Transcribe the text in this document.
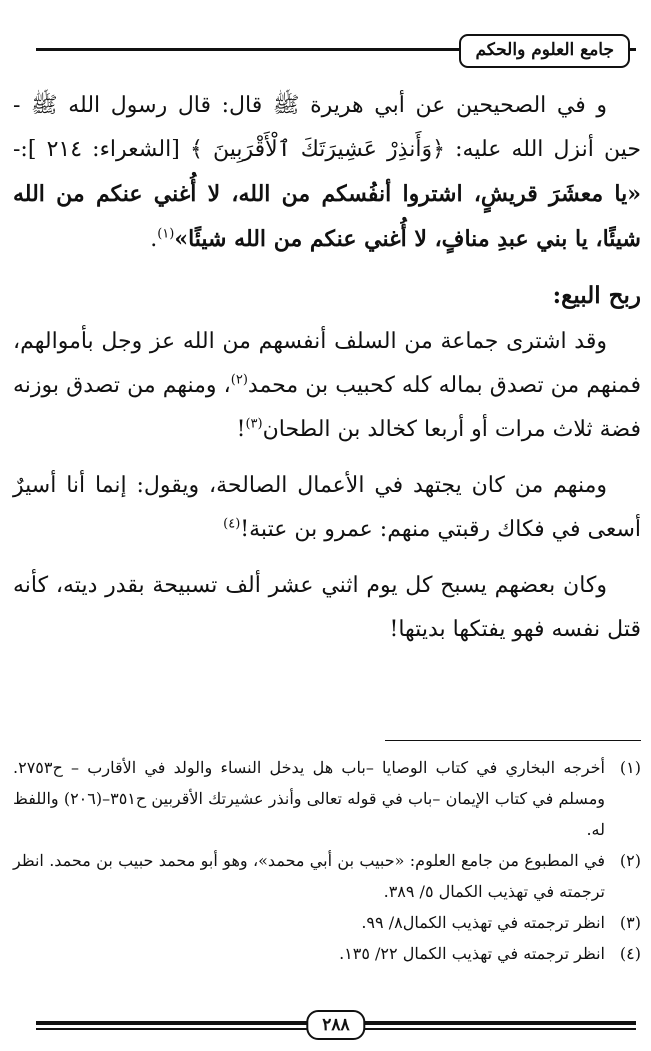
جامع العلوم والحكم

و في الصحيحين عن أبي هريرة ﷺ قال: قال رسول الله ﷺ - حين أنزل الله عليه: ﴿وَأَنذِرْ عَشِيرَتَكَ ٱلْأَقْرَبِينَ ﴾ [الشعراء: ٢١٤ ]:- «يا معشَرَ قريشٍ، اشتروا أنفُسكم من الله، لا أُغني عنكم من الله شيئًا، يا بني عبدِ منافٍ، لا أُغني عنكم من الله شيئًا»$^{(١)}$.

ربح البيع:

وقد اشترى جماعة من السلف أنفسهم من الله عز وجل بأموالهم، فمنهم من تصدق بماله كله كحبيب بن محمد$^{(٢)}$، ومنهم من تصدق بوزنه فضة ثلاث مرات أو أربعا كخالد بن الطحان$^{(٣)}$!

ومنهم من كان يجتهد في الأعمال الصالحة، ويقول: إنما أنا أسيرٌ أسعى في فكاك رقبتي منهم: عمرو بن عتبة!$^{(٤)}$

وكان بعضهم يسبح كل يوم اثني عشر ألف تسبيحة بقدر ديته، كأنه قتل نفسه فهو يفتكها بديتها!

(١)
أخرجه البخاري في كتاب الوصايا –باب هل يدخل النساء والولد في الأقارب – ح٢٧٥٣. ومسلم في كتاب الإيمان –باب في قوله تعالى وأنذر عشيرتك الأقربين ح٣٥١–(٢٠٦) واللفظ له.
(٢)
في المطبوع من جامع العلوم: «حبيب بن أبي محمد»، وهو أبو محمد حبيب بن محمد. انظر ترجمته في تهذيب الكمال ٥/ ٣٨٩.
(٣)
انظر ترجمته في تهذيب الكمال٨/ ٩٩.
(٤)
انظر ترجمته في تهذيب الكمال ٢٢/ ١٣٥.
٢٨٨
